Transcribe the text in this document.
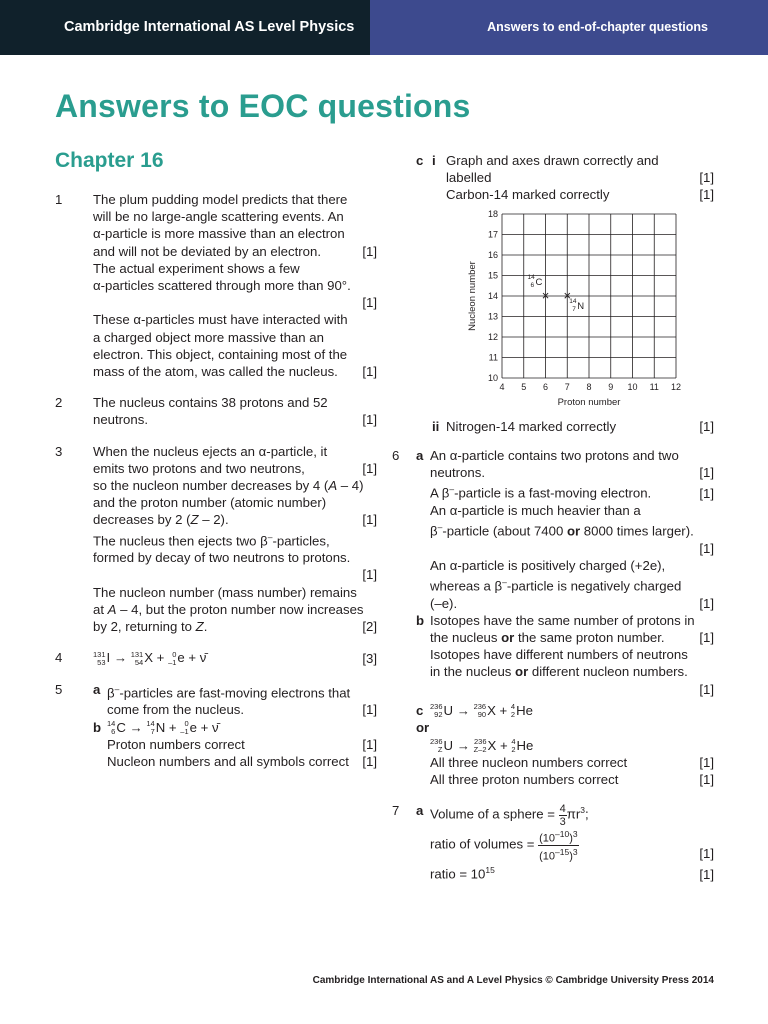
Cambridge International AS Level Physics	Answers to end-of-chapter questions
Answers to EOC questions
Chapter 16
1	The plum pudding model predicts that there
will be no large-angle scattering events. An
α-particle is more massive than an electron
and will not be deviated by an electron.	[1]
The actual experiment shows a few
α-particles scattered through more than 90°.
[1]
These α-particles must have interacted with
a charged object more massive than an
electron. This object, containing most of the
mass of the atom, was called the nucleus. [1]
2	The nucleus contains 38 protons and 52
neutrons.	[1]
3	When the nucleus ejects an α-particle, it
emits two protons and two neutrons,	[1]
so the nucleon number decreases by 4 (A – 4)
and the proton number (atomic number)
decreases by 2 (Z – 2).	[1]
The nucleus then ejects two β–-particles,
formed by decay of two neutrons to protons.
[1]
The nucleon number (mass number) remains
at A – 4, but the proton number now increases
by 2, returning to Z.	[2]
4	131
53 I → 131
54 X +	0
–1 e + ν̄	[3]
5	a β–-particles are fast-moving electrons that
come from the nucleus.	[1]
b 14
6 C → 14
7 N +	0
–1 e + ν̄
Proton numbers correct	[1]
Nucleon numbers and all symbols correct [1]
c i Graph and axes drawn correctly and
labelled	[1]
Carbon-14 marked correctly	[1]
4 5 6 7 8 9 10 11 12
10
11
12
13
14
15
16
17
18
Proton number
Nucleon number	×
14
6 C
×
14
7 N
ii Nitrogen-14 marked correctly	[1]
6	a An α-particle contains two protons and two
neutrons.	[1]
A β–-particle is a fast-moving electron.	[1]
An α-particle is much heavier than a
β–-particle (about 7400 or 8000 times larger).
[1]
An α-particle is positively charged (+2e),
whereas a β–-particle is negatively charged
(–e).	[1]
b Isotopes have the same number of protons in
the nucleus or the same proton number.	[1]
Isotopes have different numbers of neutrons
in the nucleus or different nucleon numbers.
[1]
c 236
92 U → 236
90 X + 4
2 He
or
236
Z U → 236
Z–2 X + 4
2 He
All three nucleon numbers correct	[1]
All three proton numbers correct	[1]
7	a Volume of a sphere = $\frac{4}{3} \pi r^3$;
ratio of volumes = $\frac{(10^{-10})^3}{(10^{-15})^3}$	[1]
ratio = $10^{15}$	[1]
Cambridge International AS and A Level Physics © Cambridge University Press 2014
